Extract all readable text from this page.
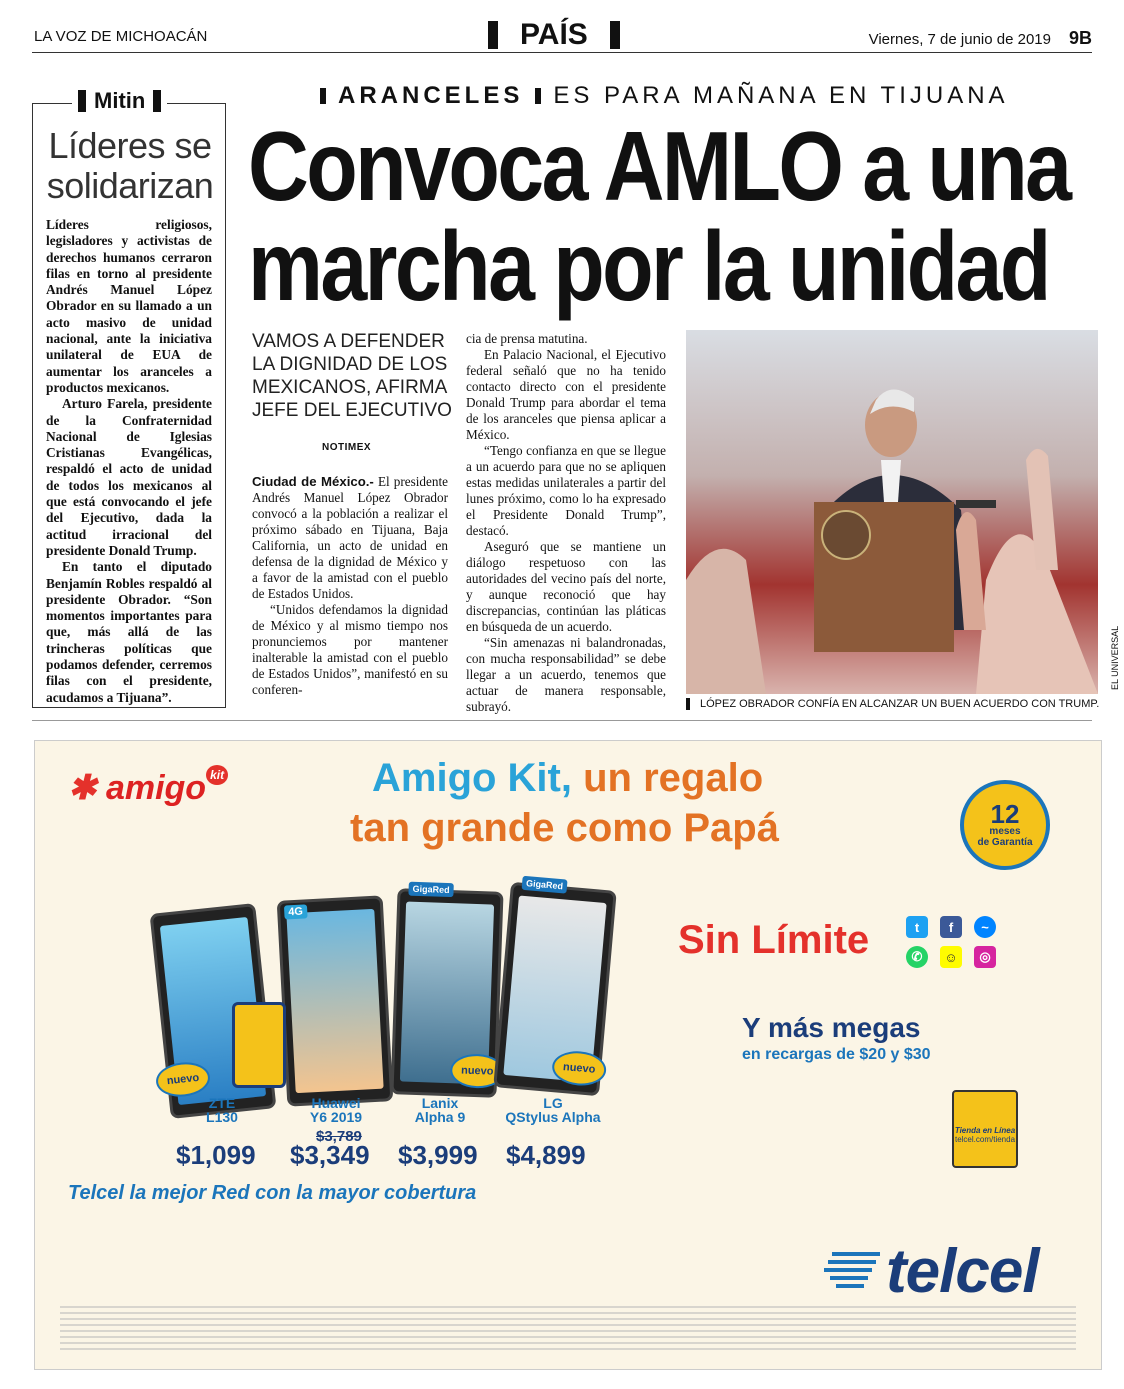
LA VOZ DE MICHOACÁN	PAÍS	Viernes, 7 de junio de 2019 9B
Mitin
Líderes se solidarizan

Líderes religiosos, legisladores y activistas de derechos humanos cerraron filas en torno al presidente Andrés Manuel López Obrador en su llamado a un acto masivo de unidad nacional, ante la iniciativa unilateral de EUA de aumentar los aranceles a productos mexicanos.

Arturo Farela, presidente de la Confraternidad Nacional de Iglesias Cristianas Evangélicas, respaldó el acto de unidad de todos los mexicanos al que está convocando el jefe del Ejecutivo, dada la actitud irracional del presidente Donald Trump.

En tanto el diputado Benjamín Robles respaldó al presidente Obrador. “Son momentos importantes para que, más allá de las trincheras políticas que podamos defender, cerremos filas con el presidente, acudamos a Tijuana”.

ARANCELES ES PARA MAÑANA EN TIJUANA
Convoca AMLO a una
marcha por la unidad
VAMOS A DEFENDER LA DIGNIDAD DE LOS MEXICANOS, AFIRMA JEFE DEL EJECUTIVO
NOTIMEX

Ciudad de México.- El presidente Andrés Manuel López Obrador convocó a la población a realizar el próximo sábado en Tijuana, Baja California, un acto de unidad en defensa de la dignidad de México y a favor de la amistad con el pueblo de Estados Unidos.

“Unidos defendamos la dignidad de México y al mismo tiempo nos pronunciemos por mantener inalterable la amistad con el pueblo de Estados Unidos”, manifestó en su conferen-

cia de prensa matutina.

En Palacio Nacional, el Ejecutivo federal señaló que no ha tenido contacto directo con el presidente Donald Trump para abordar el tema de los aranceles que piensa aplicar a México.

“Tengo confianza en que se llegue a un acuerdo para que no se apliquen estas medidas unilaterales a partir del lunes próximo, como lo ha expresado el Presidente Donald Trump”, destacó.

Aseguró que se mantiene un diálogo respetuoso con las autoridades del vecino país del norte, y aunque reconoció que hay discrepancias, continúan las pláticas en búsqueda de un acuerdo.

“Sin amenazas ni balandronadas, con mucha responsabilidad” se debe llegar a un acuerdo, tenemos que actuar de manera responsable, subrayó.

EL UNIVERSAL
LÓPEZ OBRADOR CONFÍA EN ALCANZAR UN BUEN ACUERDO CON TRUMP.
✱ amigo $^{kit}$	Amigo Kit, un regalo
tan grande como Papá	12
meses
de Garantía
nuevo
4G
GigaRed
nuevo
GigaRed
nuevo
ZTE
L130
Huawei
Y6 2019
Lanix
Alpha 9
LG
QStylus Alpha
$3,789
$1,099 $3,349 $3,999 $4,899
Sin Límite	t	f	~
✆	☺	◎
Y más megas
en recargas de $20 y $30
Tienda en Línea
telcel.com/tienda
Telcel la mejor Red con la mayor cobertura
telcel
